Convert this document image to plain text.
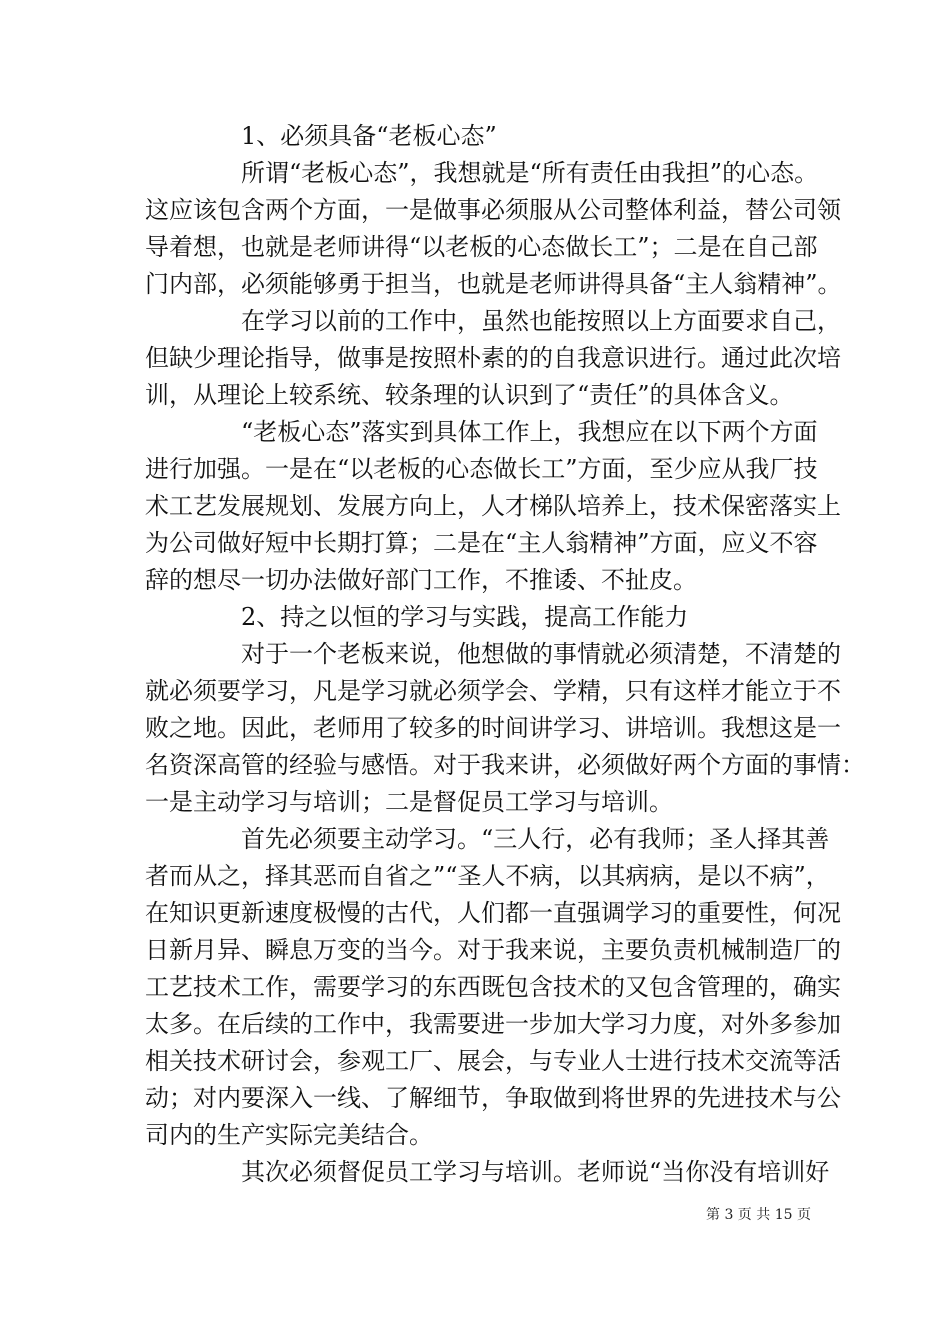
1、必须具备“老板心态”
所谓“老板心态”，我想就是“所有责任由我担”的心态。
这应该包含两个方面，一是做事必须服从公司整体利益，替公司领
导着想，也就是老师讲得“以老板的心态做长工”；二是在自己部
门内部，必须能够勇于担当，也就是老师讲得具备“主人翁精神”。
在学习以前的工作中，虽然也能按照以上方面要求自己，
但缺少理论指导，做事是按照朴素的的自我意识进行。通过此次培
训，从理论上较系统、较条理的认识到了“责任”的具体含义。
“老板心态”落实到具体工作上，我想应在以下两个方面
进行加强。一是在“以老板的心态做长工”方面，至少应从我厂技
术工艺发展规划、发展方向上，人才梯队培养上，技术保密落实上
为公司做好短中长期打算；二是在“主人翁精神”方面，应义不容
辞的想尽一切办法做好部门工作，不推诿、不扯皮。
2、持之以恒的学习与实践，提高工作能力
对于一个老板来说，他想做的事情就必须清楚，不清楚的
就必须要学习，凡是学习就必须学会、学精，只有这样才能立于不
败之地。因此，老师用了较多的时间讲学习、讲培训。我想这是一
名资深高管的经验与感悟。对于我来讲，必须做好两个方面的事情：
一是主动学习与培训；二是督促员工学习与培训。
首先必须要主动学习。“三人行，必有我师；圣人择其善
者而从之，择其恶而自省之”“圣人不病，以其病病，是以不病”，
在知识更新速度极慢的古代，人们都一直强调学习的重要性，何况
日新月异、瞬息万变的当今。对于我来说，主要负责机械制造厂的
工艺技术工作，需要学习的东西既包含技术的又包含管理的，确实
太多。在后续的工作中，我需要进一步加大学习力度，对外多参加
相关技术研讨会，参观工厂、展会，与专业人士进行技术交流等活
动；对内要深入一线、了解细节，争取做到将世界的先进技术与公
司内的生产实际完美结合。
其次必须督促员工学习与培训。老师说“当你没有培训好
第 3 页 共 15 页
